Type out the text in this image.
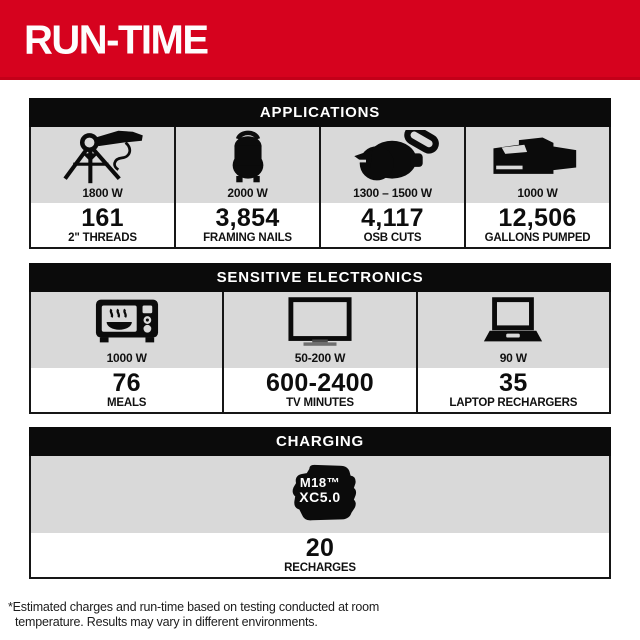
RUN-TIME
APPLICATIONS
1800 W
161
2" THREADS
2000 W
3,854
FRAMING NAILS
1300 – 1500 W
4,117
OSB CUTS
1000 W
12,506
GALLONS PUMPED
SENSITIVE ELECTRONICS
1000 W
76
MEALS
50-200 W
600-2400
TV MINUTES
90 W
35
LAPTOP RECHARGERS
CHARGING
M18™
XC5.0
20
RECHARGES
*Estimated charges and run-time based on testing conducted at room
temperature. Results may vary in different environments.
